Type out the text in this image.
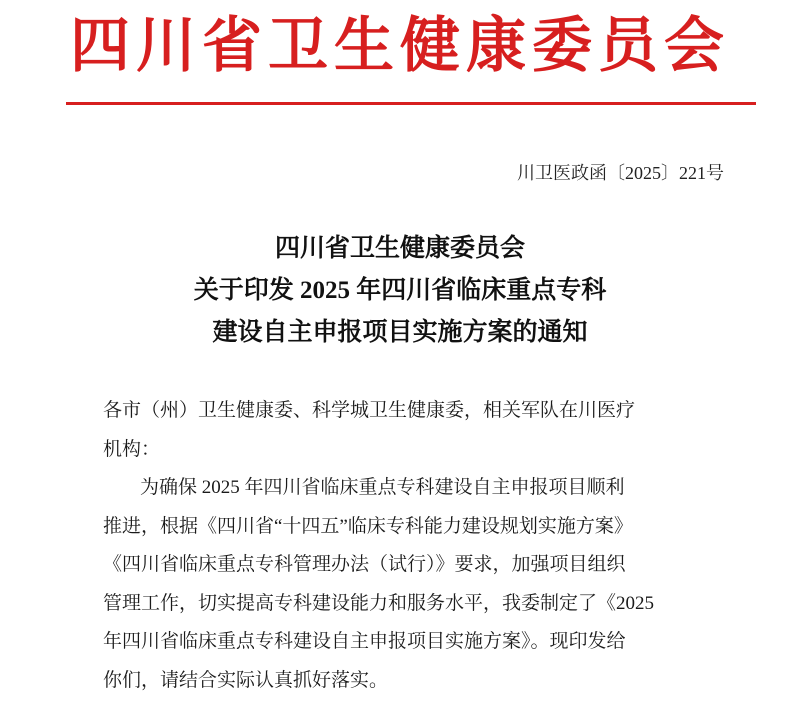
四川省卫生健康委员会
川卫医政函〔2025〕221号
四川省卫生健康委员会
关于印发 2025 年四川省临床重点专科
建设自主申报项目实施方案的通知
各市（州）卫生健康委、科学城卫生健康委，相关军队在川医疗
机构：
为确保 2025 年四川省临床重点专科建设自主申报项目顺利
推进，根据《四川省“十四五”临床专科能力建设规划实施方案》
《四川省临床重点专科管理办法（试行）》要求，加强项目组织
管理工作，切实提高专科建设能力和服务水平，我委制定了《2025
年四川省临床重点专科建设自主申报项目实施方案》。现印发给
你们，请结合实际认真抓好落实。
